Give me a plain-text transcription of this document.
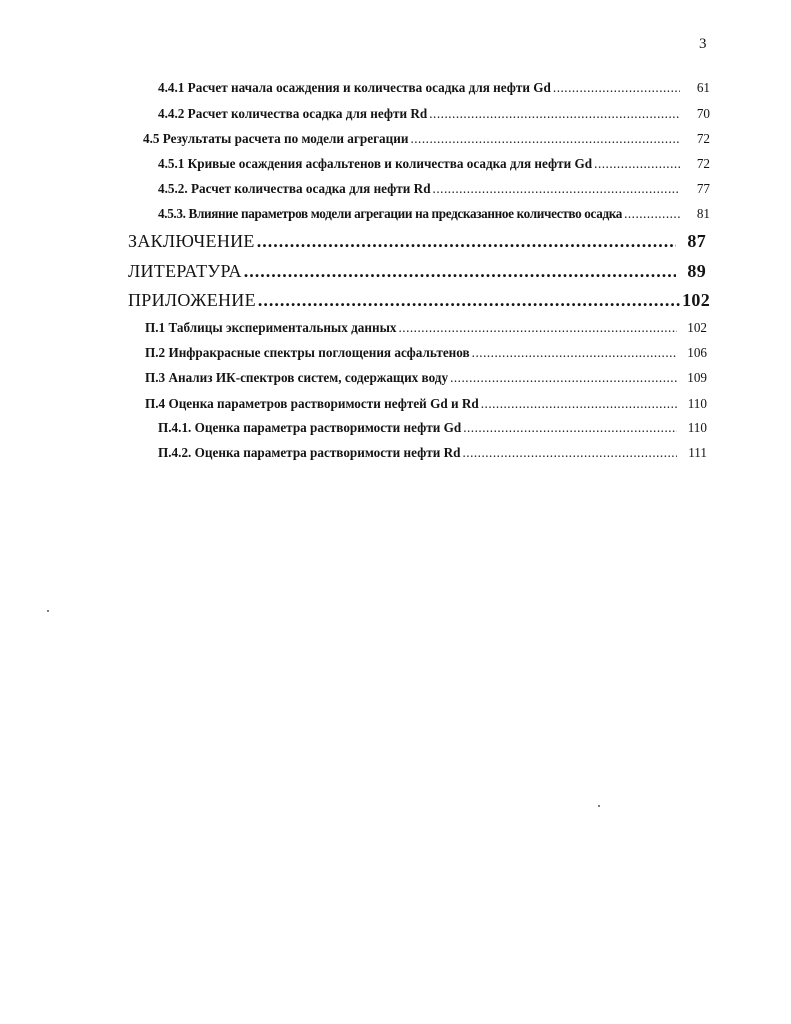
3
4.4.1 Расчет начала осаждения и количества осадка для нефти Gd .....	61
4.4.2 Расчет количества осадка для нефти Rd .....	70
4.5 Результаты расчета по модели агрегации .....	72
4.5.1 Кривые осаждения асфальтенов и количества осадка для нефти Gd .....	72
4.5.2. Расчет количества осадка для нефти Rd .....	77
4.5.3. Влияние параметров модели агрегации на предсказанное количество осадка .....	81
ЗАКЛЮЧЕНИЕ .....	87
ЛИТЕРАТУРА .....	89
ПРИЛОЖЕНИЕ .....	102
П.1 Таблицы экспериментальных данных .....	102
П.2 Инфракрасные спектры поглощения асфальтенов .....	106
П.3 Анализ ИК-спектров систем, содержащих воду .....	109
П.4 Оценка параметров растворимости нефтей Gd и Rd .....	110
П.4.1. Оценка параметра растворимости нефти Gd .....	110
П.4.2. Оценка параметра растворимости нефти Rd .....	111
